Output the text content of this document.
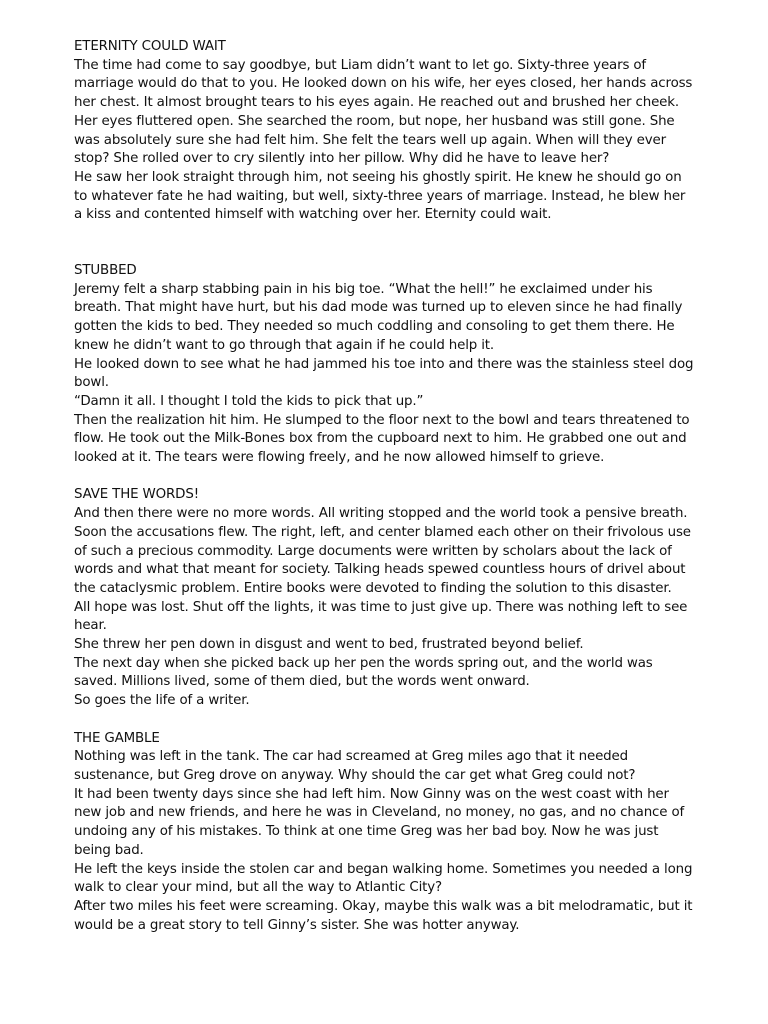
ETERNITY COULD WAIT

The time had come to say goodbye, but Liam didn’t want to let go. Sixty-three years of marriage would do that to you. He looked down on his wife, her eyes closed, her hands across her chest. It almost brought tears to his eyes again. He reached out and brushed her cheek. Her eyes fluttered open. She searched the room, but nope, her husband was still gone. She was absolutely sure she had felt him. She felt the tears well up again. When will they ever stop? She rolled over to cry silently into her pillow. Why did he have to leave her?

He saw her look straight through him, not seeing his ghostly spirit. He knew he should go on to whatever fate he had waiting, but well, sixty-three years of marriage. Instead, he blew her a kiss and contented himself with watching over her. Eternity could wait.

STUBBED

Jeremy felt a sharp stabbing pain in his big toe. “What the hell!” he exclaimed under his breath. That might have hurt, but his dad mode was turned up to eleven since he had finally gotten the kids to bed. They needed so much coddling and consoling to get them there. He knew he didn’t want to go through that again if he could help it.

He looked down to see what he had jammed his toe into and there was the stainless steel dog bowl.

“Damn it all. I thought I told the kids to pick that up.”

Then the realization hit him. He slumped to the floor next to the bowl and tears threatened to flow. He took out the Milk-Bones box from the cupboard next to him. He grabbed one out and looked at it. The tears were flowing freely, and he now allowed himself to grieve.

SAVE THE WORDS!

And then there were no more words. All writing stopped and the world took a pensive breath. Soon the accusations flew. The right, left, and center blamed each other on their frivolous use of such a precious commodity. Large documents were written by scholars about the lack of words and what that meant for society. Talking heads spewed countless hours of drivel about the cataclysmic problem. Entire books were devoted to finding the solution to this disaster.

All hope was lost. Shut off the lights, it was time to just give up. There was nothing left to see hear.

She threw her pen down in disgust and went to bed, frustrated beyond belief.

The next day when she picked back up her pen the words spring out, and the world was saved. Millions lived, some of them died, but the words went onward.

So goes the life of a writer.

THE GAMBLE

Nothing was left in the tank. The car had screamed at Greg miles ago that it needed sustenance, but Greg drove on anyway. Why should the car get what Greg could not?

It had been twenty days since she had left him. Now Ginny was on the west coast with her new job and new friends, and here he was in Cleveland, no money, no gas, and no chance of undoing any of his mistakes. To think at one time Greg was her bad boy. Now he was just being bad.

He left the keys inside the stolen car and began walking home. Sometimes you needed a long walk to clear your mind, but all the way to Atlantic City?

After two miles his feet were screaming. Okay, maybe this walk was a bit melodramatic, but it would be a great story to tell Ginny’s sister. She was hotter anyway.
